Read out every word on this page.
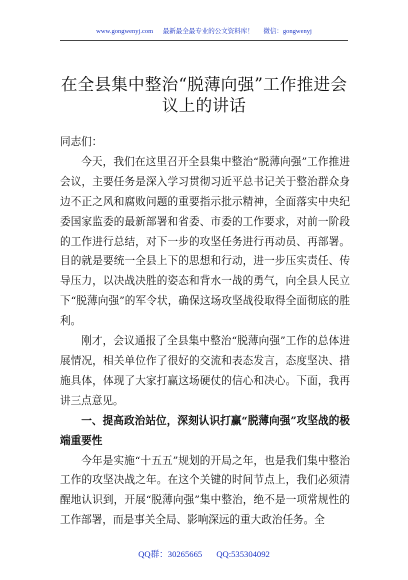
www.gongwenyj.com 最新最全最专业的公文资料库！ 微信：gongwenyj
在全县集中整治“脱薄向强”工作推进会议上的讲话

同志们：

今天，我们在这里召开全县集中整治“脱薄向强”工作推进会议，主要任务是深入学习贯彻习近平总书记关于整治群众身边不正之风和腐败问题的重要指示批示精神，全面落实中央纪委国家监委的最新部署和省委、市委的工作要求，对前一阶段的工作进行总结，对下一步的攻坚任务进行再动员、再部署。目的就是要统一全县上下的思想和行动，进一步压实责任、传导压力，以决战决胜的姿态和背水一战的勇气，向全县人民立下“脱薄向强”的军令状，确保这场攻坚战役取得全面彻底的胜利。

刚才，会议通报了全县集中整治“脱薄向强”工作的总体进展情况，相关单位作了很好的交流和表态发言，态度坚决、措施具体，体现了大家打赢这场硬仗的信心和决心。下面，我再讲三点意见。

一、提高政治站位，深刻认识打赢“脱薄向强”攻坚战的极端重要性

今年是实施“十五五”规划的开局之年，也是我们集中整治工作的攻坚决战之年。在这个关键的时间节点上，我们必须清醒地认识到，开展“脱薄向强”集中整治，绝不是一项常规性的工作部署，而是事关全局、影响深远的重大政治任务。全

QQ群：30265665 QQ:535304092
